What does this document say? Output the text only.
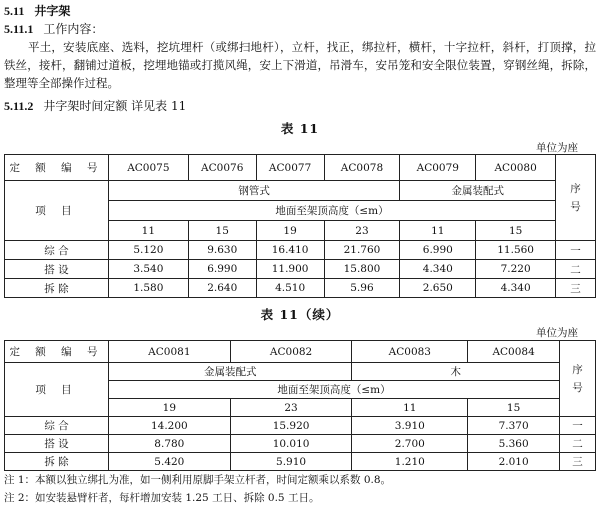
5.11 井字架
5.11.1 工作内容：
平土，安装底座、选料，挖坑埋杆（或绑扫地杆），立杆，找正，绑拉杆，横杆，十字拉杆，斜杆，打顶撑，拉铁丝，接杆，翻铺过道板，挖埋地锚或打揽风绳，安上下滑道，吊滑车，安吊笼和安全限位装置，穿钢丝绳，拆除，整理等全部操作过程。
5.11.2 井字架时间定额 详见表 11
表 11
单位为座
定 额 编 号	AC0075	AC0076	AC0077	AC0078	AC0079	AC0080	序号
项 目	钢管式				金属装配式		
	地面至架顶高度（≤m）						
	11	15	19	23	11	15	
综 合	5.120	9.630	16.410	21.760	6.990	11.560	一
搭 设	3.540	6.990	11.900	15.800	4.340	7.220	二
拆 除	1.580	2.640	4.510	5.96	2.650	4.340	三
表 11（续）
单位为座
定 额 编 号	AC0081	AC0082	AC0083	AC0084	序号
项 目	金属装配式		木		
	地面至架顶高度（≤m）				
	19	23	11	15	
综 合	14.200	15.920	3.910	7.370	一
搭 设	8.780	10.010	2.700	5.360	二
拆 除	5.420	5.910	1.210	2.010	三
注 1：本额以独立绑扎为准，如一侧利用原脚手架立杆者，时间定额乘以系数 0.8。
注 2：如安装悬臂杆者，每杆增加安装 1.25 工日、拆除 0.5 工日。
